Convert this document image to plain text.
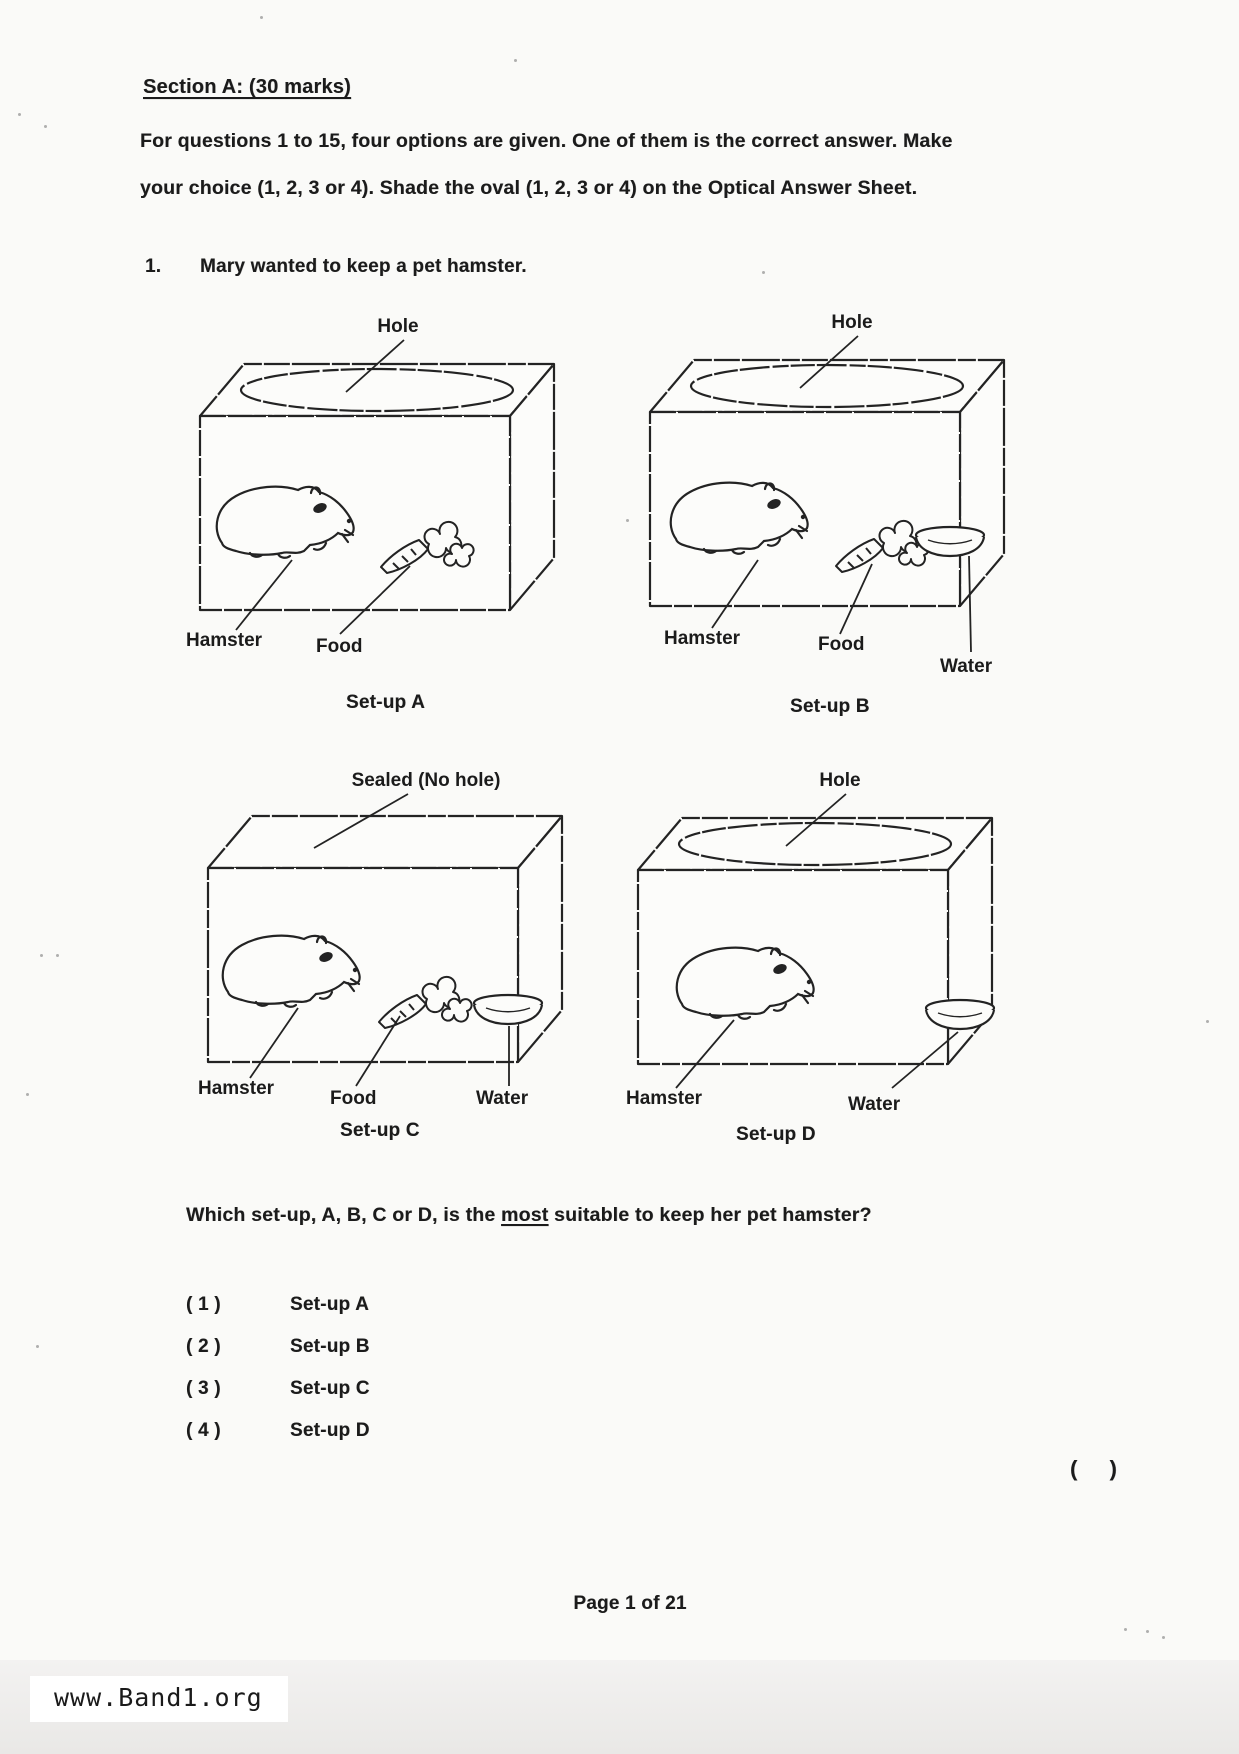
Section A: (30 marks)
For questions 1 to 15, four options are given. One of them is the correct answer. Make
your choice (1, 2, 3 or 4). Shade the oval (1, 2, 3 or 4) on the Optical Answer Sheet.
1. Mary wanted to keep a pet hamster.
Hole
Hamster	Food
Set-up A
Hole
Hamster	Food
Water
Set-up B
Sealed (No hole)
Hamster	Food	Water
Set-up C
Hole
Hamster	Water
Set-up D
Which set-up, A, B, C or D, is the most suitable to keep her pet hamster?
( 1 )	Set-up A
( 2 )	Set-up B
( 3 )	Set-up C
( 4 )	Set-up D
( )
Page 1 of 21
www.Band1.org
